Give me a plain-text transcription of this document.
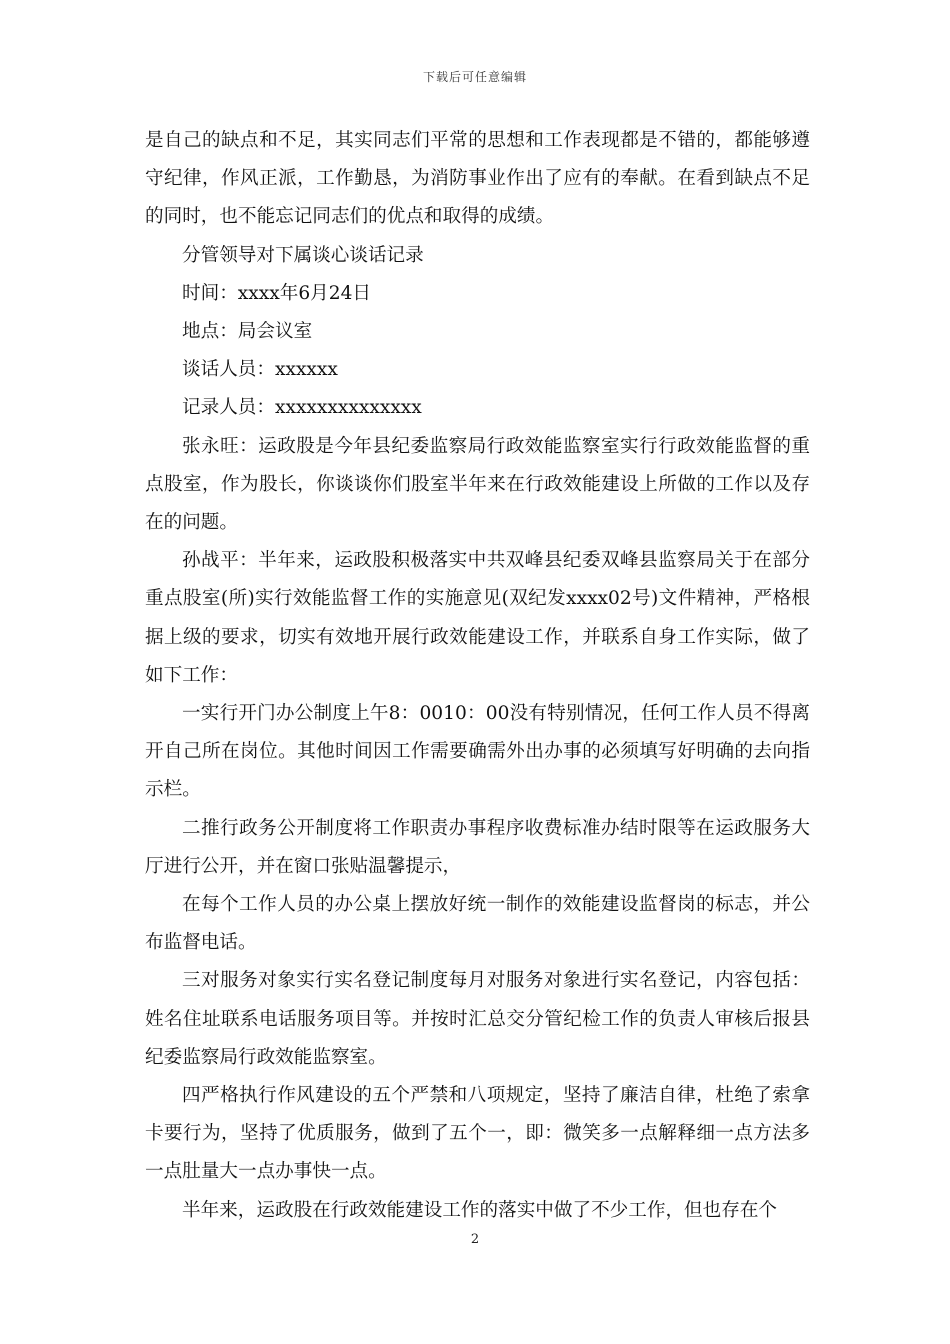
下载后可任意编辑

是自己的缺点和不足，其实同志们平常的思想和工作表现都是不错的，都能够遵守纪律，作风正派，工作勤恳，为消防事业作出了应有的奉献。在看到缺点不足的同时，也不能忘记同志们的优点和取得的成绩。

分管领导对下属谈心谈话记录

时间：xxxx年6月24日

地点：局会议室

谈话人员：xxxxxx

记录人员：xxxxxxxxxxxxxx

张永旺：运政股是今年县纪委监察局行政效能监察室实行行政效能监督的重点股室，作为股长，你谈谈你们股室半年来在行政效能建设上所做的工作以及存在的问题。

孙战平：半年来，运政股积极落实中共双峰县纪委双峰县监察局关于在部分重点股室(所)实行效能监督工作的实施意见(双纪发xxxx02号)文件精神，严格根据上级的要求，切实有效地开展行政效能建设工作，并联系自身工作实际，做了如下工作：

一实行开门办公制度上午8：0010：00没有特别情况，任何工作人员不得离开自己所在岗位。其他时间因工作需要确需外出办事的必须填写好明确的去向指示栏。

二推行政务公开制度将工作职责办事程序收费标准办结时限等在运政服务大厅进行公开，并在窗口张贴温馨提示，

在每个工作人员的办公桌上摆放好统一制作的效能建设监督岗的标志，并公布监督电话。

三对服务对象实行实名登记制度每月对服务对象进行实名登记，内容包括：姓名住址联系电话服务项目等。并按时汇总交分管纪检工作的负责人审核后报县纪委监察局行政效能监察室。

四严格执行作风建设的五个严禁和八项规定，坚持了廉洁自律，杜绝了索拿卡要行为，坚持了优质服务，做到了五个一，即：微笑多一点解释细一点方法多一点肚量大一点办事快一点。

半年来，运政股在行政效能建设工作的落实中做了不少工作，但也存在个

2
